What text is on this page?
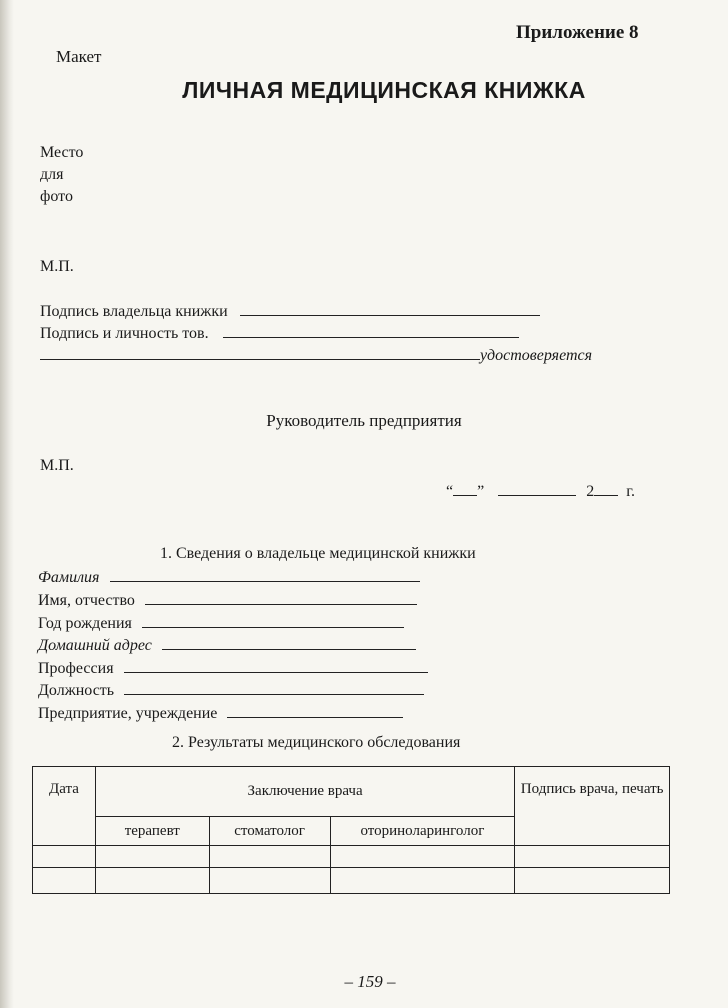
Приложение 8
Макет
ЛИЧНАЯ МЕДИЦИНСКАЯ КНИЖКА
Место
для
фото
М.П.
Подпись владельца книжки
Подпись и личность тов.
удостоверяется
Руководитель предприятия
М.П.
“ ”	2 г.
1. Сведения о владельце медицинской книжки
Фамилия
Имя, отчество
Год рождения
Домашний адрес
Профессия
Должность
Предприятие, учреждение
2. Результаты медицинского обследования
Дата	Заключение врача			Подпись врача, печать
	терапевт	стоматолог	оториноларинголог	

– 159 –
